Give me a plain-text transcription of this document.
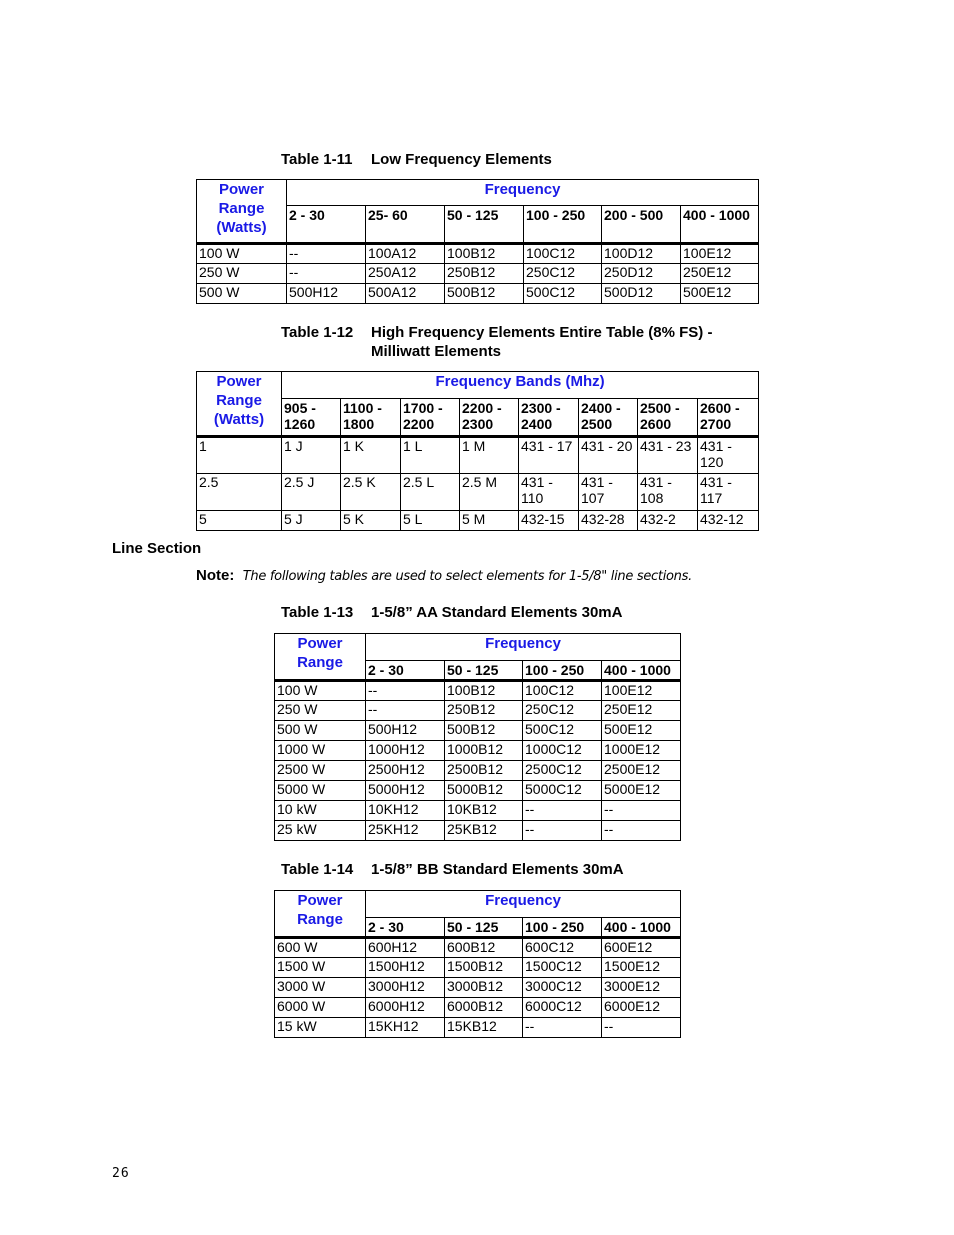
Table 1-11 Low Frequency Elements
Power Range (Watts)	Frequency					
	2 - 30	25- 60	50 - 125	100 - 250	200 - 500	400 - 1000
100 W	--	100A12	100B12	100C12	100D12	100E12
250 W	--	250A12	250B12	250C12	250D12	250E12
500 W	500H12	500A12	500B12	500C12	500D12	500E12
Table 1-12 High Frequency Elements Entire Table (8% FS) -
Milliwatt Elements
Power Range (Watts)	Frequency Bands (Mhz)							
	905 - 1260	1100 - 1800	1700 - 2200	2200 - 2300	2300 - 2400	2400 - 2500	2500 - 2600	2600 - 2700
1	1 J	1 K	1 L	1 M	431 - 17	431 - 20	431 - 23	431 - 120
2.5	2.5 J	2.5 K	2.5 L	2.5 M	431 - 110	431 - 107	431 - 108	431 - 117
5	5 J	5 K	5 L	5 M	432-15	432-28	432-2	432-12
Line Section
Note: The following tables are used to select elements for 1-5/8" line sections.
Table 1-13 1-5/8” AA Standard Elements 30mA
Power Range	Frequency			
	2 - 30	50 - 125	100 - 250	400 - 1000
100 W	--	100B12	100C12	100E12
250 W	--	250B12	250C12	250E12
500 W	500H12	500B12	500C12	500E12
1000 W	1000H12	1000B12	1000C12	1000E12
2500 W	2500H12	2500B12	2500C12	2500E12
5000 W	5000H12	5000B12	5000C12	5000E12
10 kW	10KH12	10KB12	--	--
25 kW	25KH12	25KB12	--	--
Table 1-14 1-5/8” BB Standard Elements 30mA
Power Range	Frequency			
	2 - 30	50 - 125	100 - 250	400 - 1000
600 W	600H12	600B12	600C12	600E12
1500 W	1500H12	1500B12	1500C12	1500E12
3000 W	3000H12	3000B12	3000C12	3000E12
6000 W	6000H12	6000B12	6000C12	6000E12
15 kW	15KH12	15KB12	--	--
26
